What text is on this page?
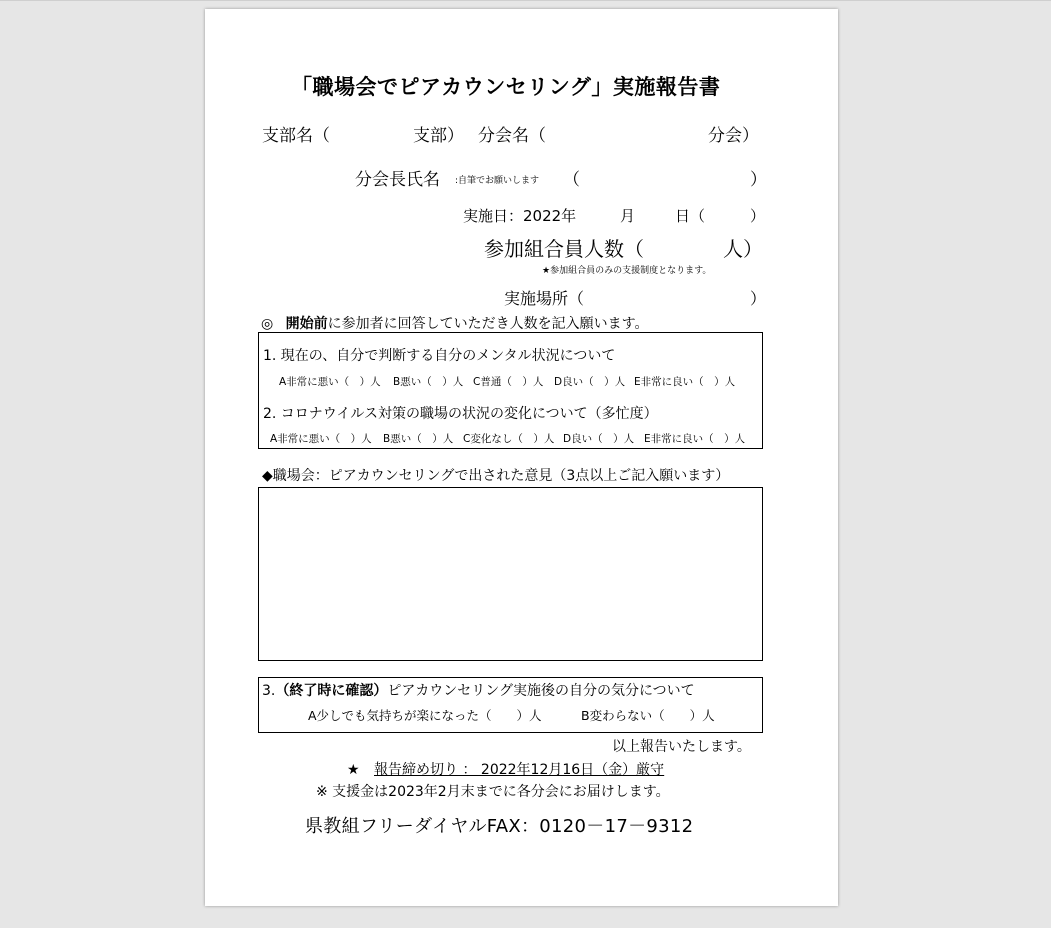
「職場会でピアカウンセリング」実施報告書
支部名（	支部） 分会名（	分会）
分会長氏名 :自筆でお願いします （	）
実施日：2022年	月	日（	）
参加組合員人数（	人）
★参加組合員のみの支援制度となります。
実施場所（	）
◎ 開始前に参加者に回答していただき人数を記入願います。
1. 現在の、自分で判断する自分のメンタル状況について
A非常に悪い（　）人 B悪い（　）人 C普通（　）人 D良い（　）人 E非常に良い（　）人
2. コロナウイルス対策の職場の状況の変化について（多忙度）
A非常に悪い（　）人 B悪い（　）人 C変化なし（　）人 D良い（　）人 E非常に良い（　）人
◆職場会：ピアカウンセリングで出された意見（3点以上ご記入願います）
3.（終了時に確認）ピアカウンセリング実施後の自分の気分について
A少しでも気持ちが楽になった（　　）人	B変わらない（　　）人
以上報告いたします。
★ 報告締め切り ： 2022年12月16日（金）厳守
※ 支援金は2023年2月末までに各分会にお届けします。
県教組フリーダイヤルFAX：0120－17－9312
